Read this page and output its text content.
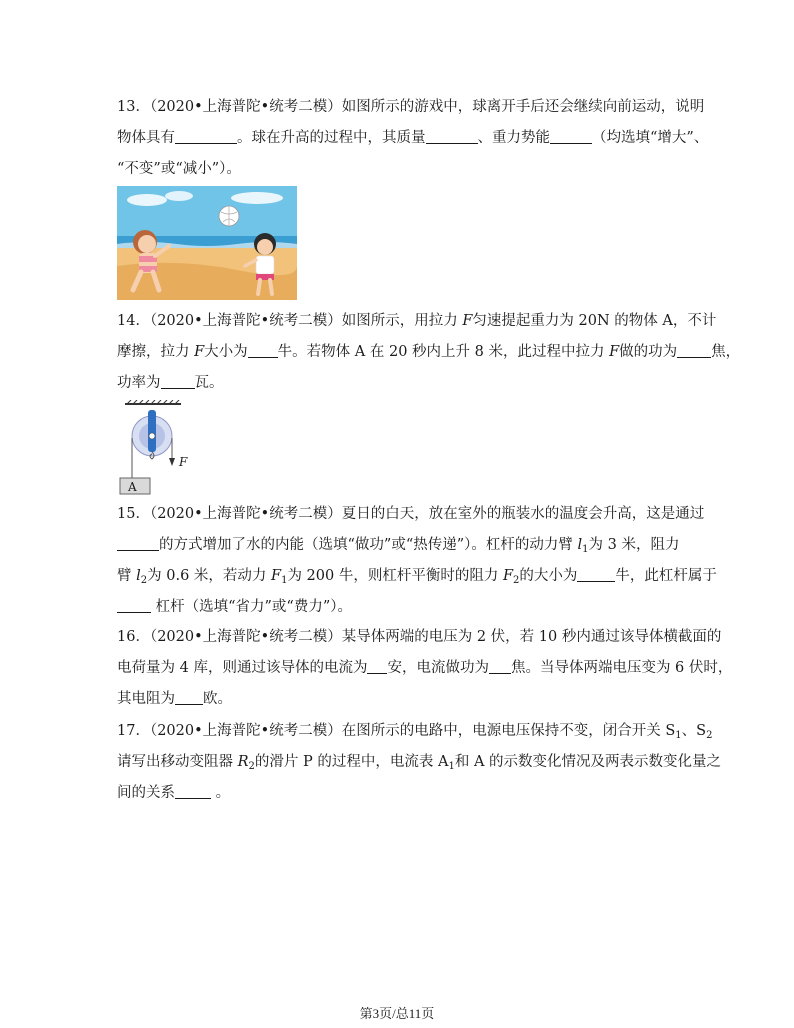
13．（2020•上海普陀•统考二模）如图所示的游戏中，球离开手后还会继续向前运动，说明

物体具有	。球在升高的过程中，其质量	、重力势能	（均选填“增大”、

“不变”或“减小”）。

14．（2020•上海普陀•统考二模）如图所示，用拉力 F匀速提起重力为 20N 的物体 A，不计

摩擦，拉力 F大小为 牛。若物体 A 在 20 秒内上升 8 米，此过程中拉力 F做的功为 焦，

功率为 瓦。

F
A

15．（2020•上海普陀•统考二模）夏日的白天，放在室外的瓶装水的温度会升高，这是通过

的方式增加了水的内能（选填“做功”或“热传递”）。杠杆的动力臂 $l_1$为 3 米，阻力

臂 $l_2$为 0.6 米，若动力 $F_1$为 200 牛，则杠杆平衡时的阻力 $F_2$的大小为	牛，此杠杆属于

杠杆（选填“省力”或“费力”）。

16．（2020•上海普陀•统考二模）某导体两端的电压为 2 伏，若 10 秒内通过该导体横截面的

电荷量为 4 库，则通过该导体的电流为 安，电流做功为 焦。当导体两端电压变为 6 伏时，

其电阻为 欧。

17．（2020•上海普陀•统考二模）在图所示的电路中，电源电压保持不变，闭合开关 $S_1$、$S_2$

请写出移动变阻器 $R_2$的滑片 P 的过程中，电流表 $A_1$和 A 的示数变化情况及两表示数变化量之

间的关系 。

第3页/总11页
